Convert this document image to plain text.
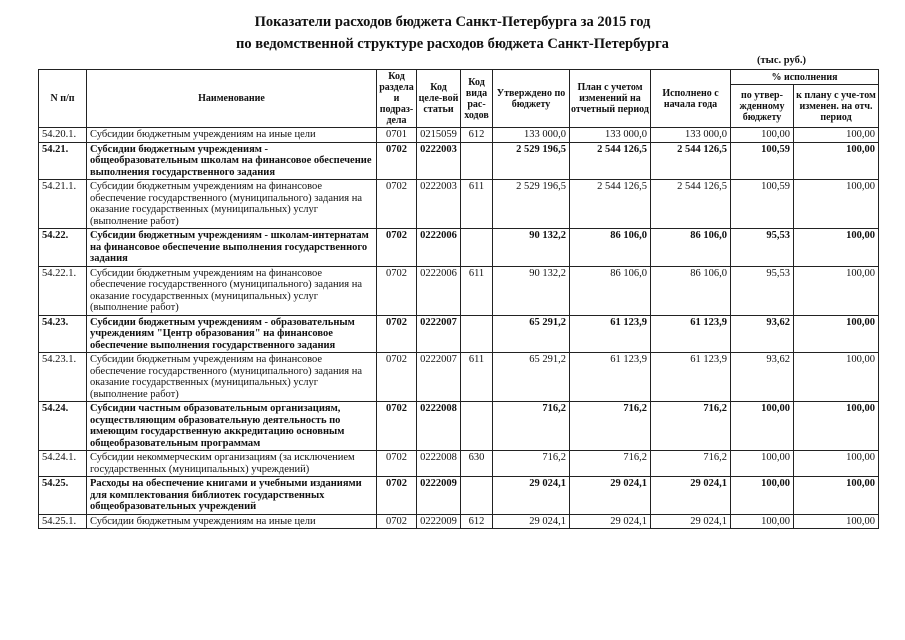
Показатели расходов бюджета Санкт-Петербурга за 2015 год
по ведомственной структуре расходов бюджета Санкт-Петербурга
(тыс. руб.)
N п/п	Наименование	Код раздела и подраз-дела	Код целе-вой статьи	Код вида рас-ходов	Утверждено по бюджету	План с учетом изменений на отчетный период	Исполнено с начала года	% исполнения	
								по утвер-жденному бюджету	к плану с уче-том изменен. на отч. период
54.20.1.	Субсидии бюджетным учреждениям на иные цели	0701	0215059	612	133 000,0	133 000,0	133 000,0	100,00	100,00
54.21.	Субсидии бюджетным учреждениям - общеобразовательным школам на финансовое обеспечение выполнения государственного задания	0702	0222003		2 529 196,5	2 544 126,5	2 544 126,5	100,59	100,00
54.21.1.	Субсидии бюджетным учреждениям на финансовое обеспечение государственного (муниципального) задания на оказание государственных (муниципальных) услуг (выполнение работ)	0702	0222003	611	2 529 196,5	2 544 126,5	2 544 126,5	100,59	100,00
54.22.	Субсидии бюджетным учреждениям - школам-интернатам на финансовое обеспечение выполнения государственного задания	0702	0222006		90 132,2	86 106,0	86 106,0	95,53	100,00
54.22.1.	Субсидии бюджетным учреждениям на финансовое обеспечение государственного (муниципального) задания на оказание государственных (муниципальных) услуг (выполнение работ)	0702	0222006	611	90 132,2	86 106,0	86 106,0	95,53	100,00
54.23.	Субсидии бюджетным учреждениям - образовательным учреждениям "Центр образования" на финансовое обеспечение выполнения государственного задания	0702	0222007		65 291,2	61 123,9	61 123,9	93,62	100,00
54.23.1.	Субсидии бюджетным учреждениям на финансовое обеспечение государственного (муниципального) задания на оказание государственных (муниципальных) услуг (выполнение работ)	0702	0222007	611	65 291,2	61 123,9	61 123,9	93,62	100,00
54.24.	Субсидии частным образовательным организациям, осуществляющим образовательную деятельность по имеющим государственную аккредитацию основным общеобразовательным программам	0702	0222008		716,2	716,2	716,2	100,00	100,00
54.24.1.	Субсидии некоммерческим организациям (за исключением государственных (муниципальных) учреждений)	0702	0222008	630	716,2	716,2	716,2	100,00	100,00
54.25.	Расходы на обеспечение книгами и учебными изданиями для комплектования библиотек государственных общеобразовательных учреждений	0702	0222009		29 024,1	29 024,1	29 024,1	100,00	100,00
54.25.1.	Субсидии бюджетным учреждениям на иные цели	0702	0222009	612	29 024,1	29 024,1	29 024,1	100,00	100,00
